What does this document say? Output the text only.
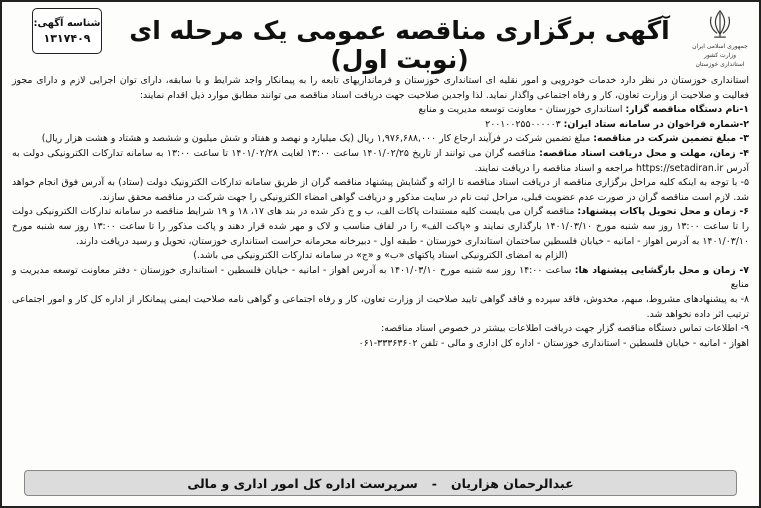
شناسه آگهی:
۱۳۱۷۴۰۹	آگهی برگزاری مناقصه عمومی یک مرحله ای (نوبت اول)	جمهوری اسلامی ایران
وزارت کشور
استانداری خوزستان

استانداری خوزستان در نظر دارد خدمات خودرویی و امور نقلیه ای استانداری خوزستان و فرمانداریهای تابعه را به پیمانکار واجد شرایط و با سابقه، دارای توان اجرایی لازم و دارای مجوز فعالیت و صلاحیت از وزارت تعاون، کار و رفاه اجتماعی واگذار نماید. لذا واجدین صلاحیت جهت دریافت اسناد مناقصه می توانند مطابق موارد ذیل اقدام نمایند:

۱-نام دستگاه مناقصه گزار: استانداری خوزستان - معاونت توسعه مدیریت و منابع

۲-شماره فراخوان در سامانه ستاد ایران: ۲۰۰۱۰۰۲۵۵۰۰۰۰۰۳

۳- مبلغ تضمین شرکت در مناقصه: مبلغ تضمین شرکت در فرآیند ارجاع کار ۱,۹۷۶,۶۸۸,۰۰۰ ریال (یک میلیارد و نهصد و هفتاد و شش میلیون و ششصد و هشتاد و هشت هزار ریال)

۴- زمان، مهلت و محل دریافت اسناد مناقصه: مناقصه گران می توانند از تاریخ ۱۴۰۱/۰۲/۲۵ ساعت ۱۳:۰۰ لغایت ۱۴۰۱/۰۲/۲۸ تا ساعت ۱۳:۰۰ به سامانه تدارکات الکترونیکی دولت به آدرس https://setadiran.ir مراجعه و اسناد مناقصه را دریافت نمایند.

۵- با توجه به اینکه کلیه مراحل برگزاری مناقصه از دریافت اسناد مناقصه تا ارائه و گشایش پیشنهاد مناقصه گران از طریق سامانه تدارکات الکترونیک دولت (ستاد) به آدرس فوق انجام خواهد شد. لازم است مناقصه گران در صورت عدم عضویت قبلی، مراحل ثبت نام در سایت مذکور و دریافت گواهی امضاء الکترونیکی را جهت شرکت در مناقصه محقق سازند.

۶- زمان و محل تحویل پاکات پیشنهاد: مناقصه گران می بایست کلیه مستندات پاکات الف، ب و ج ذکر شده در بند های ۱۷، ۱۸ و ۱۹ شرایط مناقصه در سامانه تدارکات الکترونیکی دولت را تا ساعت ۱۳:۰۰ روز سه شنبه مورخ ۱۴۰۱/۰۳/۱۰ بارگذاری نمایند و «پاکت الف» را در لفاف مناسب و لاک و مهر شده قرار دهند و پاکت مذکور را تا ساعت ۱۳:۰۰ روز سه شنبه مورخ ۱۴۰۱/۰۳/۱۰ به آدرس اهواز - امانیه - خیابان فلسطین ساختمان استانداری خوزستان - طبقه اول - دبیرخانه محرمانه حراست استانداری خوزستان، تحویل و رسید دریافت دارند.

(الزام به امضای الکترونیکی اسناد پاکتهای «ب» و «ج» در سامانه تدارکات الکترونیکی می باشد.)

۷- زمان و محل بازگشایی پیشنهاد ها: ساعت ۱۴:۰۰ روز سه شنبه مورخ ۱۴۰۱/۰۳/۱۰ به آدرس اهواز - امانیه - خیابان فلسطین - استانداری خوزستان - دفتر معاونت توسعه مدیریت و منابع

۸- به پیشنهادهای مشروط، مبهم، مخدوش، فاقد سپرده و فاقد گواهی تایید صلاحیت از وزارت تعاون، کار و رفاه اجتماعی و گواهی نامه صلاحیت ایمنی پیمانکار از اداره کل کار و امور اجتماعی ترتیب اثر داده نخواهد شد.

۹- اطلاعات تماس دستگاه مناقصه گزار جهت دریافت اطلاعات بیشتر در خصوص اسناد مناقصه:

اهواز - امانیه - خیابان فلسطین - استانداری خوزستان - اداره کل اداری و مالی - تلفن ۳۳۳۶۳۶۰۲-۰۶۱

عبدالرحمان هزاریان
-
سرپرست اداره کل امور اداری و مالی
